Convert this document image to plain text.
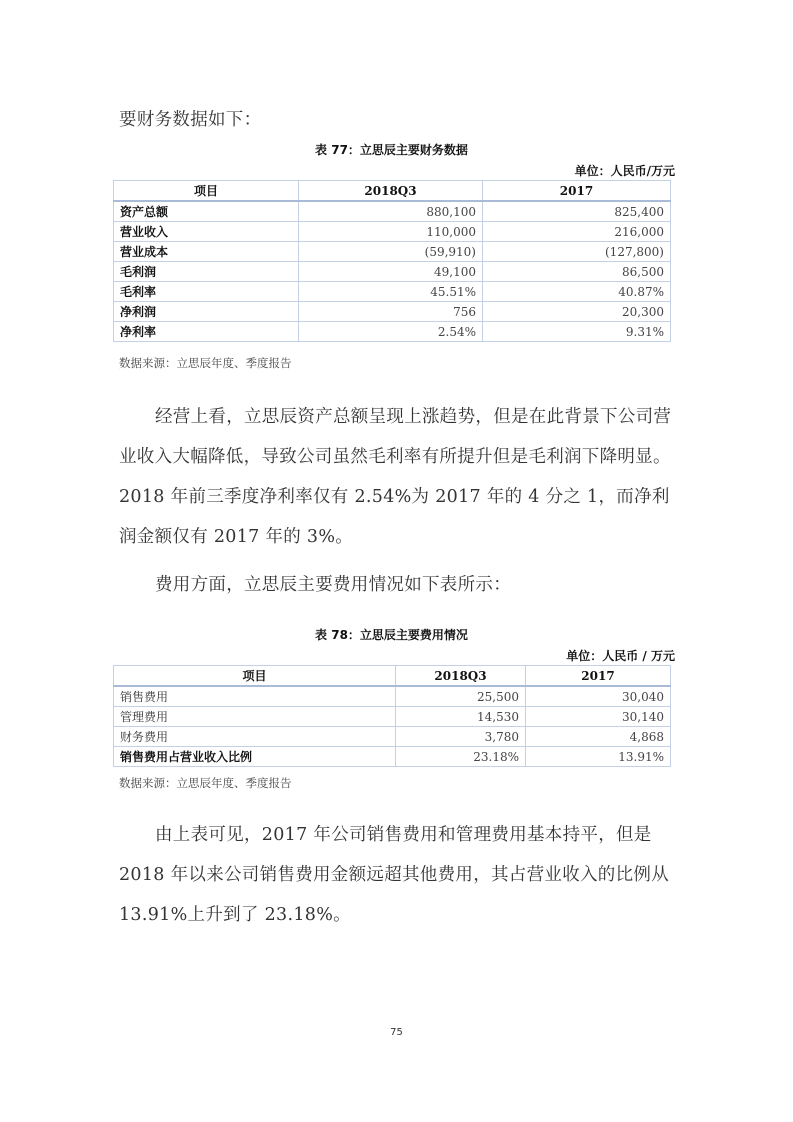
要财务数据如下：

表 77：立思辰主要财务数据
单位：人民币/万元
项目	2018Q3	2017
资产总额	880,100	825,400
营业收入	110,000	216,000
营业成本	(59,910)	(127,800)
毛利润	49,100	86,500
毛利率	45.51%	40.87%
净利润	756	20,300
净利率	2.54%	9.31%
数据来源：立思辰年度、季度报告

经营上看，立思辰资产总额呈现上涨趋势，但是在此背景下公司营业收入大幅降低，导致公司虽然毛利率有所提升但是毛利润下降明显。2018 年前三季度净利率仅有 2.54%为 2017 年的 4 分之 1，而净利润金额仅有 2017 年的 3%。

费用方面，立思辰主要费用情况如下表所示：

表 78：立思辰主要费用情况
单位：人民币 / 万元
项目	2018Q3	2017
销售费用	25,500	30,040
管理费用	14,530	30,140
财务费用	3,780	4,868
销售费用占营业收入比例	23.18%	13.91%
数据来源：立思辰年度、季度报告

由上表可见，2017 年公司销售费用和管理费用基本持平，但是 2018 年以来公司销售费用金额远超其他费用，其占营业收入的比例从 13.91%上升到了 23.18%。

75
